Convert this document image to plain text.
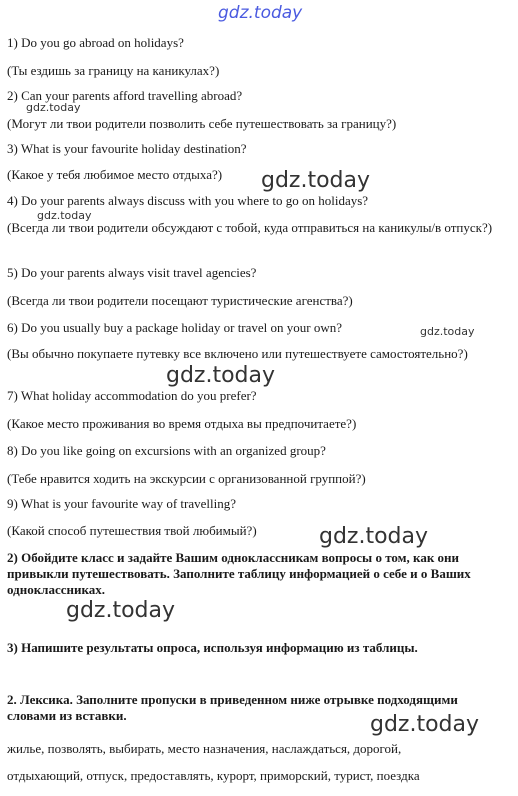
gdz.today
gdz.today
gdz.today
gdz.today
gdz.today
gdz.today
gdz.today
gdz.today
gdz.today
1) Do you go abroad on holidays?
(Ты ездишь за границу на каникулах?)
2) Can your parents afford travelling abroad?
(Могут ли твои родители позволить себе путешествовать за границу?)
3) What is your favourite holiday destination?
(Какое у тебя любимое место отдыха?)
4) Do your parents always discuss with you where to go on holidays?
(Всегда ли твои родители обсуждают с тобой, куда отправиться на каникулы/в отпуск?)
5) Do your parents always visit travel agencies?
(Всегда ли твои родители посещают туристические агенства?)
6) Do you usually buy a package holiday or travel on your own?
(Вы обычно покупаете путевку все включено или путешествуете самостоятельно?)
7) What holiday accommodation do you prefer?
(Какое место проживания во время отдыха вы предпочитаете?)
8) Do you like going on excursions with an organized group?
(Тебе нравится ходить на экскурсии с организованной группой?)
9) What is your favourite way of travelling?
(Какой способ путешествия твой любимый?)
2) Обойдите класс и задайте Вашим одноклассникам вопросы о том, как они привыкли путешествовать. Заполните таблицу информацией о себе и о Ваших одноклассниках.
3) Напишите результаты опроса, используя информацию из таблицы.
2. Лексика. Заполните пропуски в приведенном ниже отрывке подходящими словами из вставки.
жилье, позволять, выбирать, место назначения, наслаждаться, дорогой,
отдыхающий, отпуск, предоставлять, курорт, приморский, турист, поездка
